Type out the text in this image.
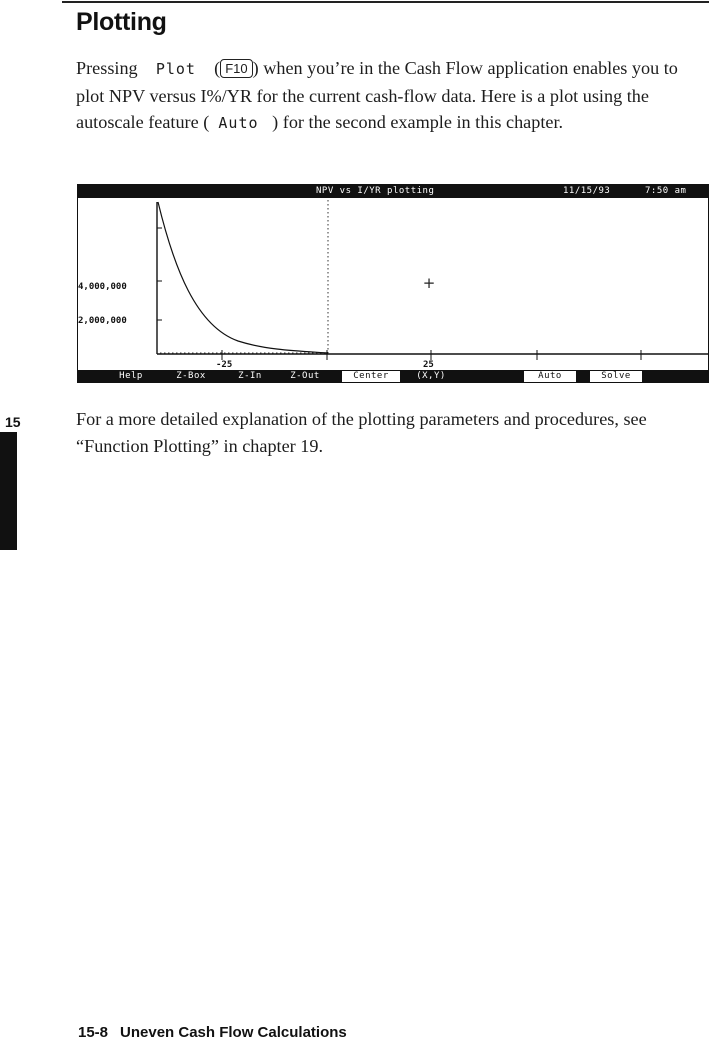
Plotting
Pressing Plot ( F10 ) when you’re in the Cash Flow application enables you to plot NPV versus I%/YR for the current cash-flow data. Here is a plot using the autoscale feature ( Auto ) for the second example in this chapter.
NPV vs I/YR plotting	11/15/93	7:50 am
+
4,000,000
2,000,000
-25	25
Help	Z-Box	Z-In	Z-Out	Center	(X,Y)	Auto	Solve
15	For a more detailed explanation of the plotting parameters and procedures, see “Function Plotting” in chapter 19.
15-8 Uneven Cash Flow Calculations
